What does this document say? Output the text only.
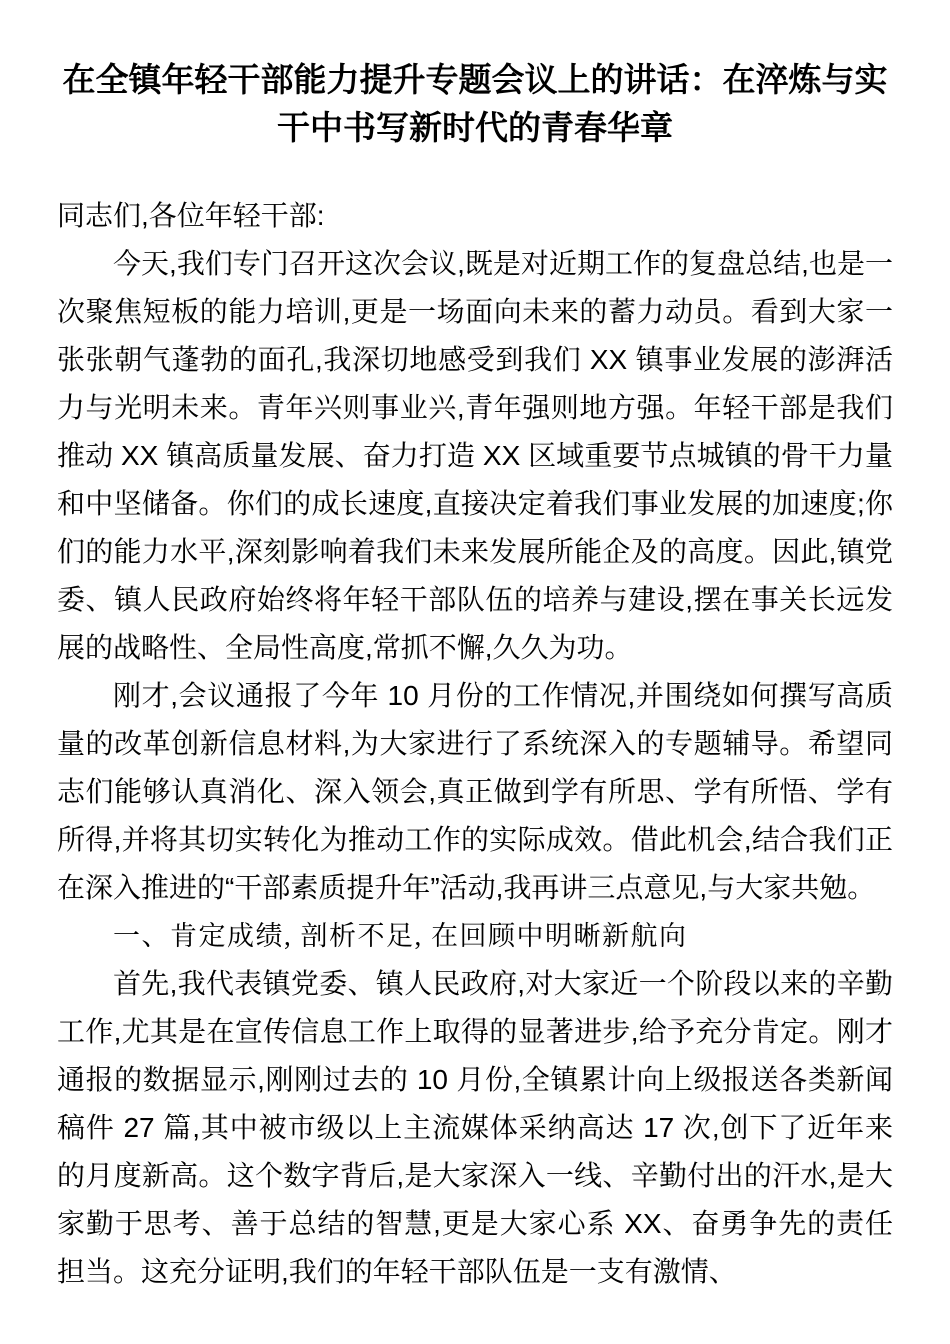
在全镇年轻干部能力提升专题会议上的讲话：在淬炼与实干中书写新时代的青春华章

同志们,各位年轻干部:

今天,我们专门召开这次会议,既是对近期工作的复盘总结,也是一次聚焦短板的能力培训,更是一场面向未来的蓄力动员。看到大家一张张朝气蓬勃的面孔,我深切地感受到我们 XX 镇事业发展的澎湃活力与光明未来。青年兴则事业兴,青年强则地方强。年轻干部是我们推动 XX 镇高质量发展、奋力打造 XX 区域重要节点城镇的骨干力量和中坚储备。你们的成长速度,直接决定着我们事业发展的加速度;你们的能力水平,深刻影响着我们未来发展所能企及的高度。因此,镇党委、镇人民政府始终将年轻干部队伍的培养与建设,摆在事关长远发展的战略性、全局性高度,常抓不懈,久久为功。

刚才,会议通报了今年 10 月份的工作情况,并围绕如何撰写高质量的改革创新信息材料,为大家进行了系统深入的专题辅导。希望同志们能够认真消化、深入领会,真正做到学有所思、学有所悟、学有所得,并将其切实转化为推动工作的实际成效。借此机会,结合我们正在深入推进的“干部素质提升年”活动,我再讲三点意见,与大家共勉。

一、肯定成绩, 剖析不足, 在回顾中明晰新航向

首先,我代表镇党委、镇人民政府,对大家近一个阶段以来的辛勤工作,尤其是在宣传信息工作上取得的显著进步,给予充分肯定。刚才通报的数据显示,刚刚过去的 10 月份,全镇累计向上级报送各类新闻稿件 27 篇,其中被市级以上主流媒体采纳高达 17 次,创下了近年来的月度新高。这个数字背后,是大家深入一线、辛勤付出的汗水,是大家勤于思考、善于总结的智慧,更是大家心系 XX、奋勇争先的责任担当。这充分证明,我们的年轻干部队伍是一支有激情、
